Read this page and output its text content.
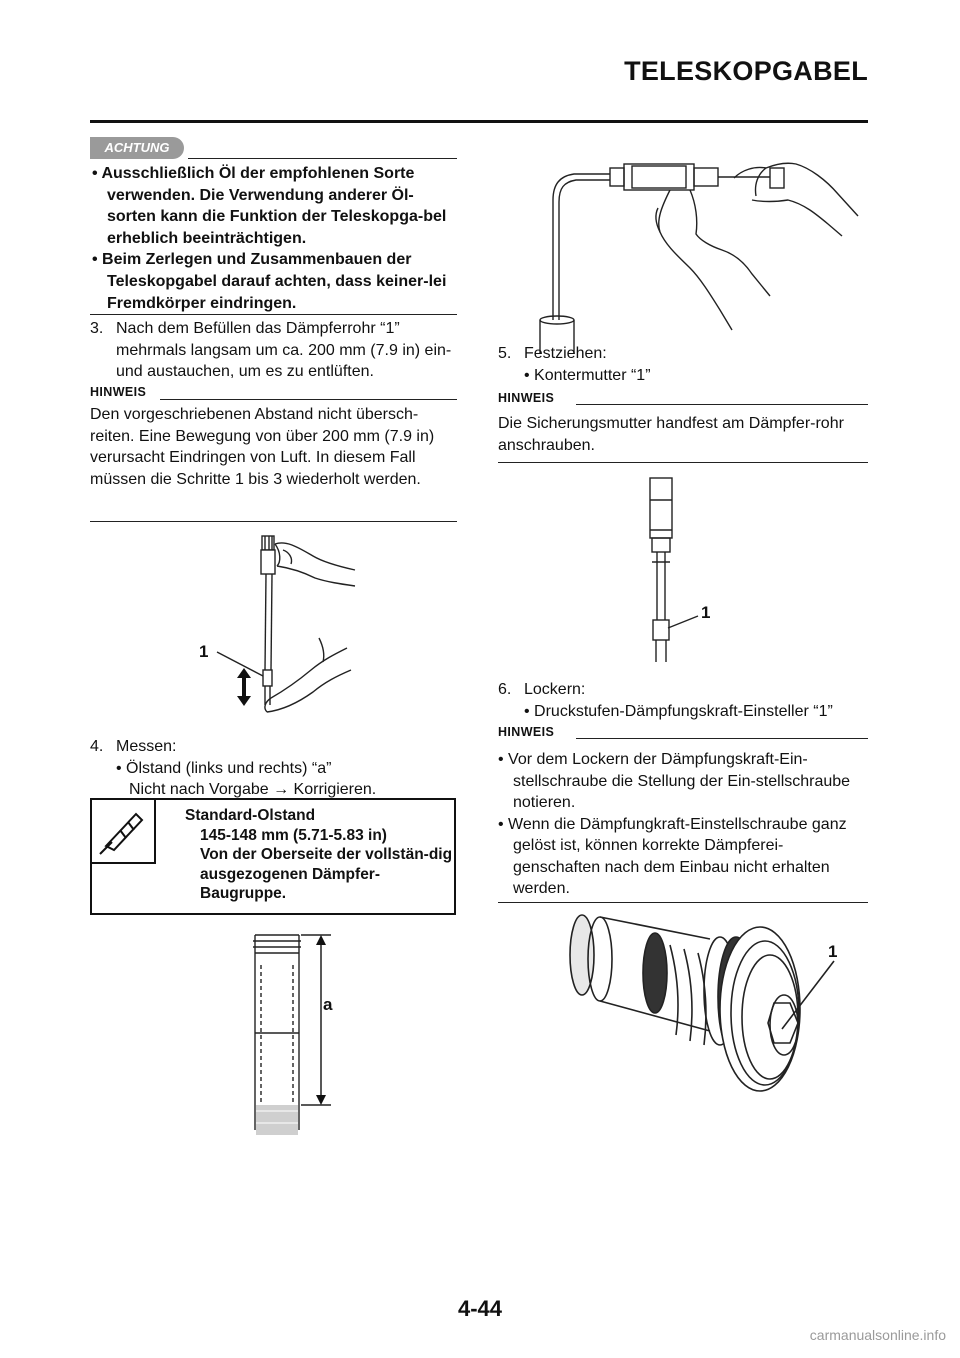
TELESKOPGABEL
ACHTUNG
• Ausschließlich Öl der empfohlenen Sorte verwenden. Die Verwendung anderer Öl-sorten kann die Funktion der Teleskopga-bel erheblich beeinträchtigen.
• Beim Zerlegen und Zusammenbauen der Teleskopgabel darauf achten, dass keiner-lei Fremdkörper eindringen.
3. Nach dem Befüllen das Dämpferrohr “1” mehrmals langsam um ca. 200 mm (7.9 in) ein- und austauchen, um es zu entlüften.
HINWEIS
Den vorgeschriebenen Abstand nicht übersch-reiten. Eine Bewegung von über 200 mm (7.9 in) verursacht Eindringen von Luft. In diesem Fall müssen die Schritte 1 bis 3 wiederholt werden.
1
4. Messen:
• Ölstand (links und rechts) “a”
Nicht nach Vorgabe → Korrigieren.
Standard-Olstand
145-148 mm (5.71-5.83 in)
Von der Oberseite der vollstän-dig ausgezogenen Dämpfer-Baugruppe.
a
5. Festziehen:
• Kontermutter “1”
HINWEIS
Die Sicherungsmutter handfest am Dämpfer-rohr anschrauben.
1
6. Lockern:
• Druckstufen-Dämpfungskraft-Einsteller “1”
HINWEIS
• Vor dem Lockern der Dämpfungskraft-Ein-stellschraube die Stellung der Ein-stellschraube notieren.
• Wenn die Dämpfungkraft-Einstellschraube ganz gelöst ist, können korrekte Dämpferei-genschaften nach dem Einbau nicht erhalten werden.
1
4-44
carmanualsonline.info
